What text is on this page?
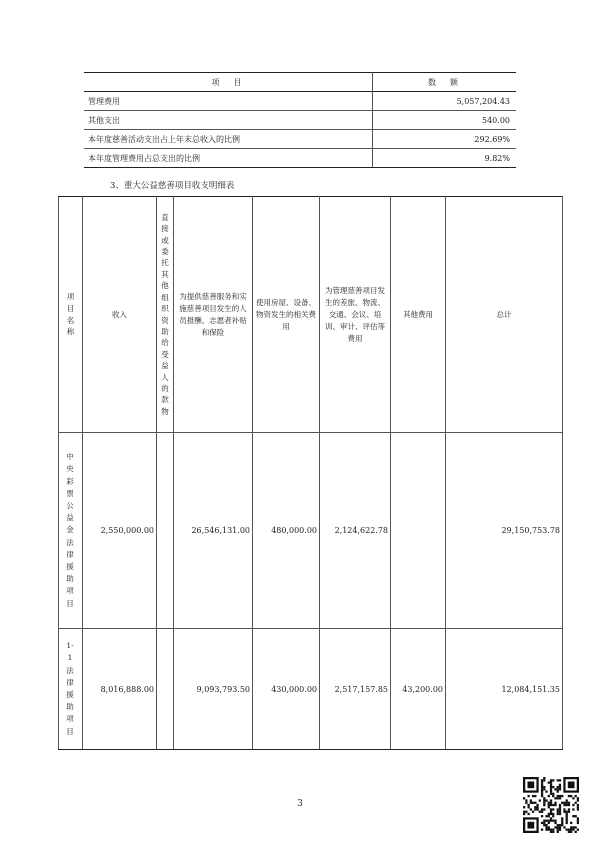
项　目	数　额
管理费用	5,057,204.43
其他支出	540.00
本年度慈善活动支出占上年末总收入的比例	292.69%
本年度管理费用占总支出的比例	9.82%
3、重大公益慈善项目收支明细表
项目名称	收入	直接或委托其他组织资助给受益人的款物	为提供慈善服务和实施慈善项目发生的人员报酬、志愿者补贴和保险	使用房屋、设备、物资发生的相关费用	为管理慈善项目发生的差旅、物流、交通、会议、培训、审计、评估等费用	其他费用	总计
中央彩票公益金法律援助项目	2,550,000.00		26,546,131.00	480,000.00	2,124,622.78		29,150,753.78
1-1法律援助项目	8,016,888.00		9,093,793.50	430,000.00	2,517,157.85	43,200.00	12,084,151.35
3
